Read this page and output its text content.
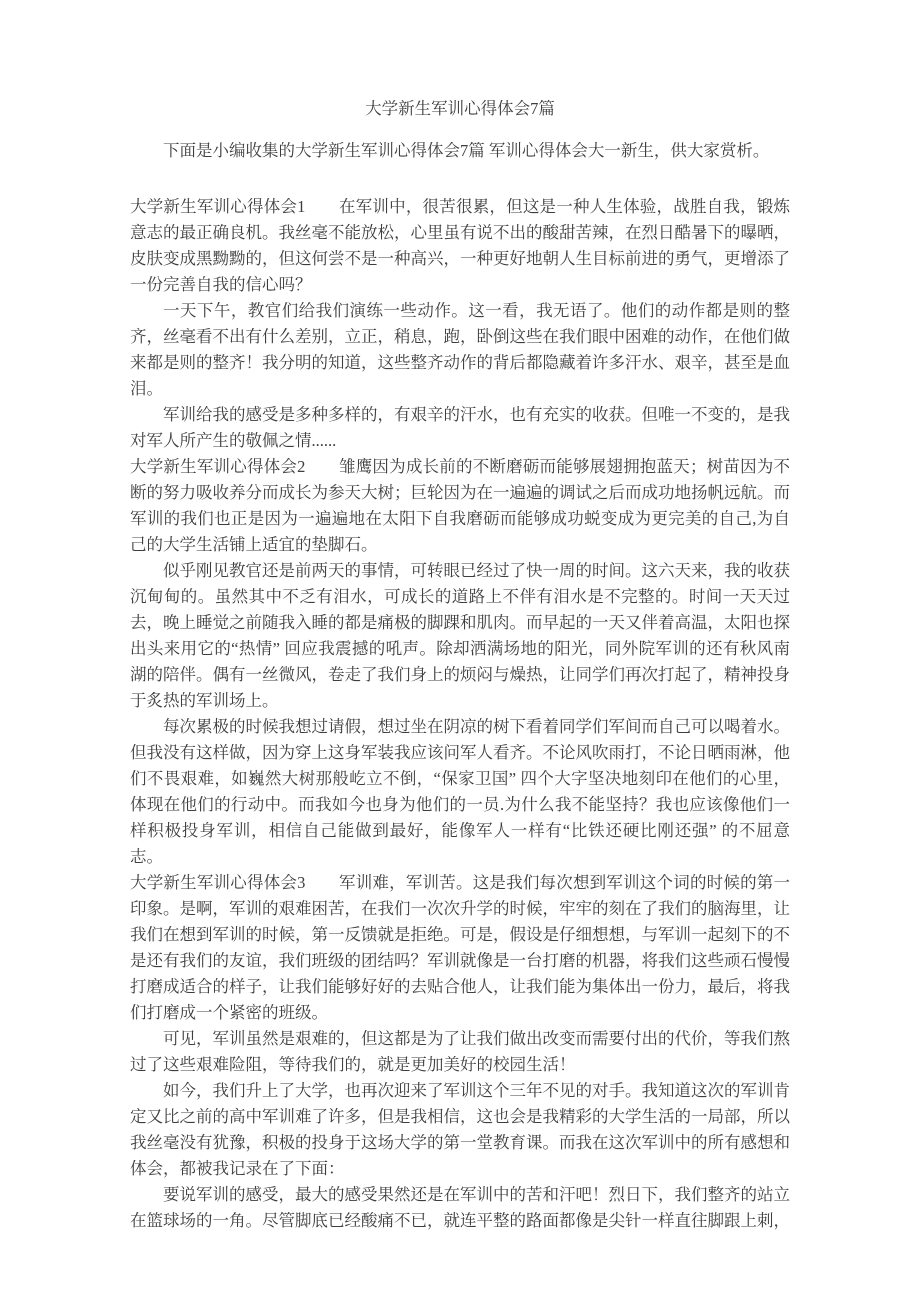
大学新生军训心得体会7篇

下面是小编收集的大学新生军训心得体会7篇 军训心得体会大一新生，供大家赏析。

大学新生军训心得体会1　　在军训中，很苦很累，但这是一种人生体验，战胜自我，锻炼意志的最正确良机。我丝毫不能放松，心里虽有说不出的酸甜苦辣，在烈日酷暑下的曝晒，皮肤变成黑黝黝的，但这何尝不是一种高兴，一种更好地朝人生目标前进的勇气，更增添了一份完善自我的信心吗？

一天下午，教官们给我们演练一些动作。这一看，我无语了。他们的动作都是则的整齐，丝毫看不出有什么差别，立正，稍息，跑，卧倒这些在我们眼中困难的动作，在他们做来都是则的整齐！我分明的知道，这些整齐动作的背后都隐藏着许多汗水、艰辛，甚至是血泪。

军训给我的感受是多种多样的，有艰辛的汗水，也有充实的收获。但唯一不变的，是我对军人所产生的敬佩之情......

大学新生军训心得体会2　　雏鹰因为成长前的不断磨砺而能够展翅拥抱蓝天；树苗因为不断的努力吸收养分而成长为参天大树；巨轮因为在一遍遍的调试之后而成功地扬帆远航。而军训的我们也正是因为一遍遍地在太阳下自我磨砺而能够成功蜕变成为更完美的自己,为自己的大学生活铺上适宜的垫脚石。

似乎刚见教官还是前两天的事情，可转眼已经过了快一周的时间。这六天来，我的收获沉甸甸的。虽然其中不乏有泪水，可成长的道路上不伴有泪水是不完整的。时间一天天过去，晚上睡觉之前随我入睡的都是痛极的脚踝和肌肉。而早起的一天又伴着高温，太阳也探出头来用它的“热情” 回应我震撼的吼声。除却洒满场地的阳光，同外院军训的还有秋风南湖的陪伴。偶有一丝微风，卷走了我们身上的烦闷与燥热，让同学们再次打起了，精神投身于炙热的军训场上。

每次累极的时候我想过请假，想过坐在阴凉的树下看着同学们军间而自己可以喝着水。但我没有这样做，因为穿上这身军装我应该问军人看齐。不论风吹雨打，不论日晒雨淋，他们不畏艰难，如巍然大树那般屹立不倒，“保家卫国” 四个大字坚决地刻印在他们的心里，体现在他们的行动中。而我如今也身为他们的一员.为什么我不能坚持？我也应该像他们一样积极投身军训，相信自己能做到最好，能像军人一样有“比铁还硬比刚还强” 的不屈意志。

大学新生军训心得体会3　　军训难，军训苦。这是我们每次想到军训这个词的时候的第一印象。是啊，军训的艰难困苦，在我们一次次升学的时候，牢牢的刻在了我们的脑海里，让我们在想到军训的时候，第一反馈就是拒绝。可是，假设是仔细想想，与军训一起刻下的不是还有我们的友谊，我们班级的团结吗？军训就像是一台打磨的机器，将我们这些顽石慢慢打磨成适合的样子，让我们能够好好的去贴合他人，让我们能为集体出一份力，最后，将我们打磨成一个紧密的班级。

可见，军训虽然是艰难的，但这都是为了让我们做出改变而需要付出的代价，等我们熬过了这些艰难险阻，等待我们的，就是更加美好的校园生活！

如今，我们升上了大学，也再次迎来了军训这个三年不见的对手。我知道这次的军训肯定又比之前的高中军训难了许多，但是我相信，这也会是我精彩的大学生活的一局部，所以我丝毫没有犹豫，积极的投身于这场大学的第一堂教育课。而我在这次军训中的所有感想和体会，都被我记录在了下面：

要说军训的感受，最大的感受果然还是在军训中的苦和汗吧！烈日下，我们整齐的站立在篮球场的一角。尽管脚底已经酸痛不已，就连平整的路面都像是尖针一样直往脚跟上刺，
